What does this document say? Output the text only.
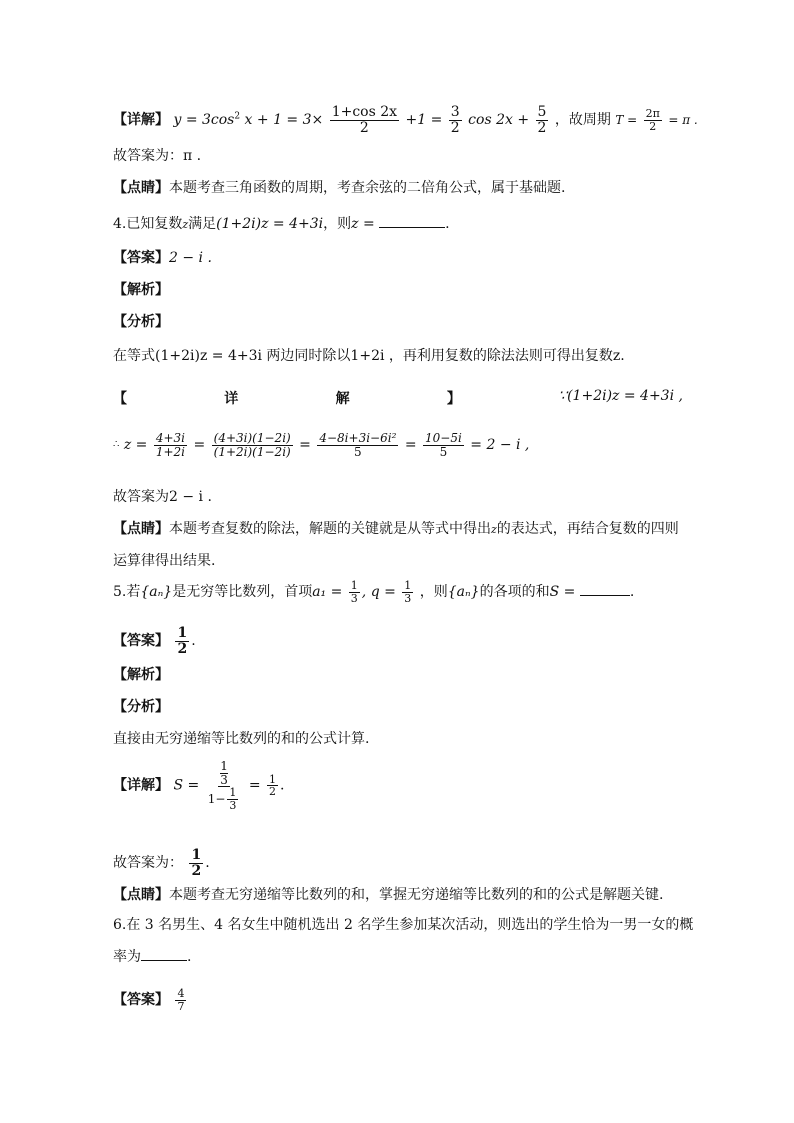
【详解】 $y = 3\cos^2$ $x + 1 = 3\times \frac{1+\cos 2x}{2} +1 = \frac{3}{2}$ $\cos 2x + \frac{5}{2}$ ，故周期 $T = \frac{2\pi}{2} = \pi$ .
故答案为：π .
【点睛】本题考查三角函数的周期，考查余弦的二倍角公式，属于基础题.
4.已知复数z满足(1+2i)z = 4+3i，则z =	.
【答案】2 − i .
【解析】
【分析】
在等式(1+2i)z = 4+3i 两边同时除以1+2i ，再利用复数的除法法则可得出复数z.
【	详	解	】	∵(1+2i)z = 4+3i ,
∴ $z = \frac{4+3i}{1+2i} = \frac{(4+3i)(1-2i)}{(1+2i)(1-2i)} = \frac{\text{4−8i+3i−6i²}}{5} = \frac{10-5i}{5} = 2 - i$ ,
故答案为2 − i .
【点睛】本题考查复数的除法，解题的关键就是从等式中得出z的表达式，再结合复数的四则
运算律得出结果.
5.若{aₙ}是无穷等比数列，首项$a_1 = \frac{1}{3}$ , $q = \frac{1}{3}$ ，则{aₙ}的各项的和S =	.
【答案】 $\frac{1}{2}$ .
【解析】
【分析】
直接由无穷递缩等比数列的和的公式计算.
【详解】 S = 1
3
$1- \frac{1}{3} = \frac{1}{2}$ .
故答案为： $\frac{1}{2}$ .
【点睛】本题考查无穷递缩等比数列的和，掌握无穷递缩等比数列的和的公式是解题关键.
6.在 3 名男生、4 名女生中随机选出 2 名学生参加某次活动，则选出的学生恰为一男一女的概
率为	.
【答案】 $\frac{4}{7}$
